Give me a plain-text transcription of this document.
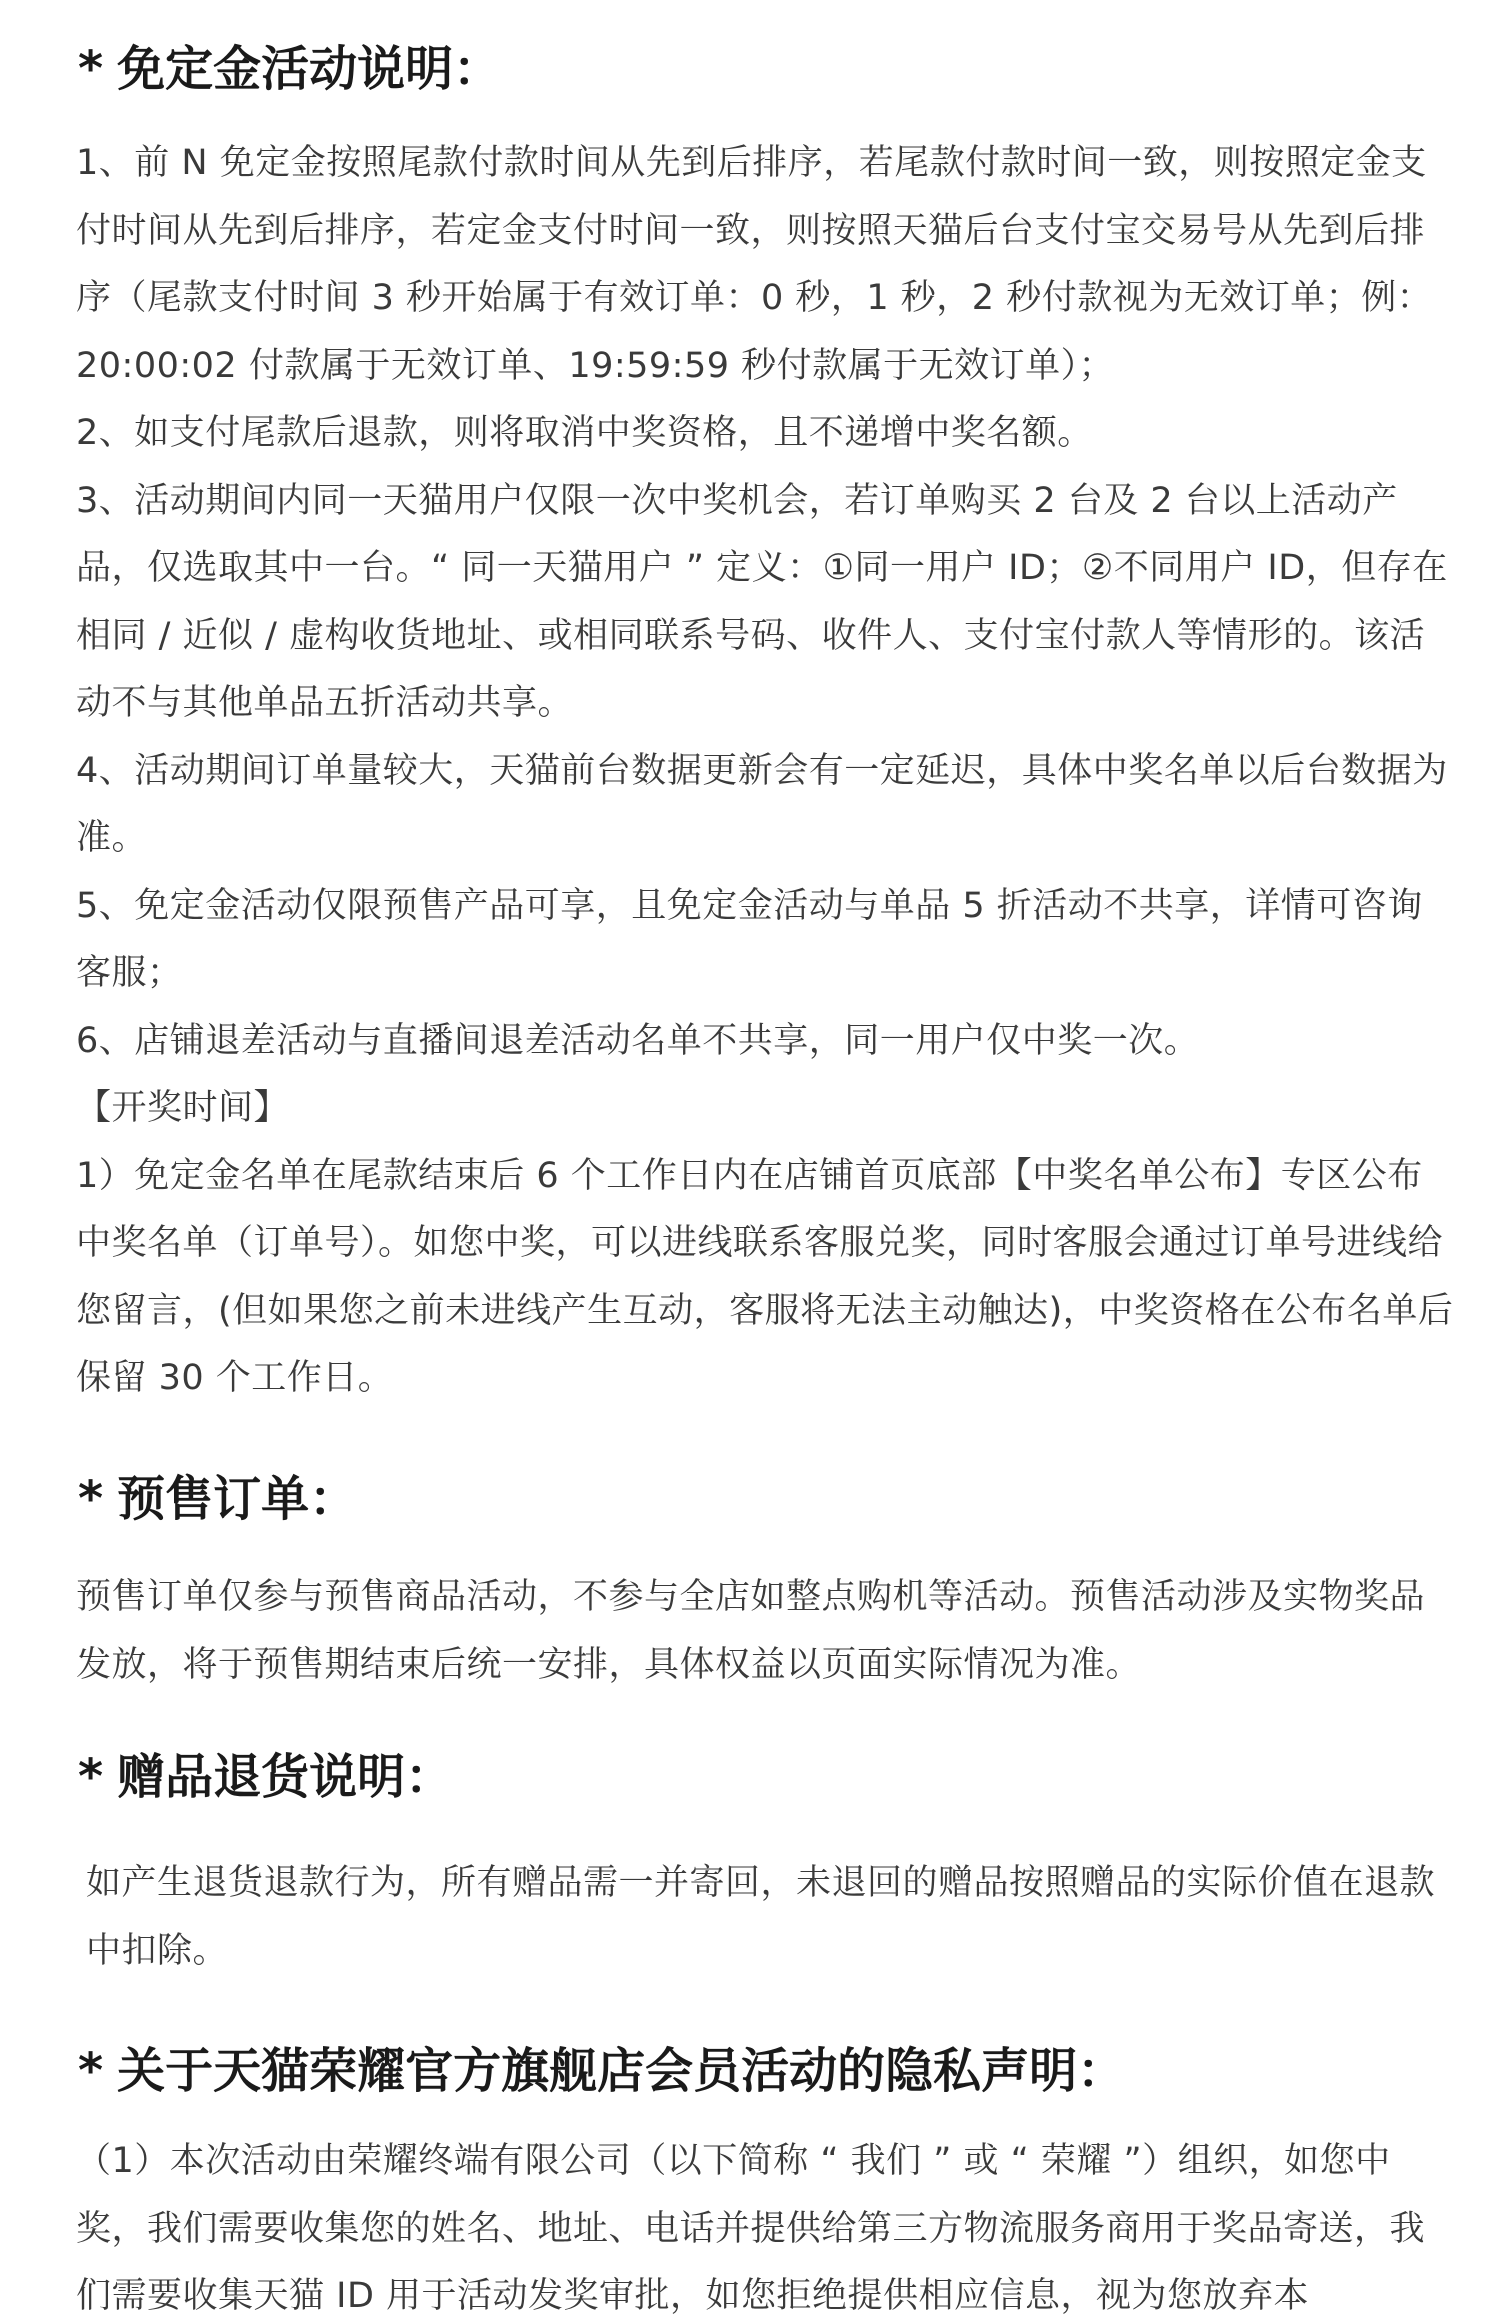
* 免定金活动说明：

1、前 N 免定金按照尾款付款时间从先到后排序，若尾款付款时间一致，则按照定金支付时间从先到后排序，若定金支付时间一致，则按照天猫后台支付宝交易号从先到后排序（尾款支付时间 3 秒开始属于有效订单：0 秒，1 秒，2 秒付款视为无效订单；例：20:00:02 付款属于无效订单、19:59:59 秒付款属于无效订单）；

2、如支付尾款后退款，则将取消中奖资格，且不递增中奖名额。

3、活动期间内同一天猫用户仅限一次中奖机会，若订单购买 2 台及 2 台以上活动产品，仅选取其中一台。“ 同一天猫用户 ” 定义：①同一用户 ID；②不同用户 ID，但存在相同 / 近似 / 虚构收货地址、或相同联系号码、收件人、支付宝付款人等情形的。该活动不与其他单品五折活动共享。

4、活动期间订单量较大，天猫前台数据更新会有一定延迟，具体中奖名单以后台数据为准。

5、免定金活动仅限预售产品可享，且免定金活动与单品 5 折活动不共享，详情可咨询客服；

6、店铺退差活动与直播间退差活动名单不共享，同一用户仅中奖一次。

【开奖时间】

1）免定金名单在尾款结束后 6 个工作日内在店铺首页底部【中奖名单公布】专区公布中奖名单（订单号）。如您中奖，可以进线联系客服兑奖，同时客服会通过订单号进线给您留言，(但如果您之前未进线产生互动，客服将无法主动触达)，中奖资格在公布名单后保留 30 个工作日。

* 预售订单：

预售订单仅参与预售商品活动，不参与全店如整点购机等活动。预售活动涉及实物奖品发放，将于预售期结束后统一安排，具体权益以页面实际情况为准。

* 赠品退货说明：

如产生退货退款行为，所有赠品需一并寄回，未退回的赠品按照赠品的实际价值在退款中扣除。

* 关于天猫荣耀官方旗舰店会员活动的隐私声明：

（1）本次活动由荣耀终端有限公司（以下简称 “ 我们 ” 或 “ 荣耀 ”）组织，如您中奖，我们需要收集您的姓名、地址、电话并提供给第三方物流服务商用于奖品寄送，我们需要收集天猫 ID 用于活动发奖审批，如您拒绝提供相应信息，视为您放弃本
